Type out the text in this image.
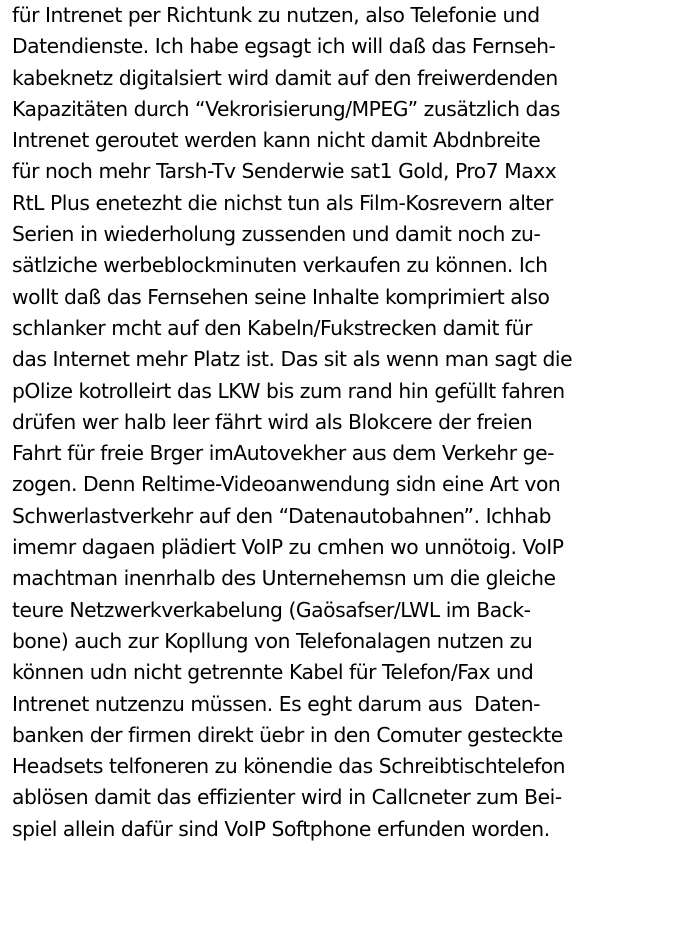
für Intrenet per Richtunk zu nutzen, also Telefonie und
Datendienste. Ich habe egsagt ich will daß das Fernseh-
kabeknetz digitalsiert wird damit auf den freiwerdenden
Kapazitäten durch “Vekrorisierung/MPEG” zusätzlich das
Intrenet geroutet werden kann nicht damit Abdnbreite
für noch mehr Tarsh-Tv Senderwie sat1 Gold, Pro7 Maxx
RtL Plus enetezht die nichst tun als Film-Kosrevern alter
Serien in wiederholung zussenden und damit noch zu-
sätlziche werbeblockminuten verkaufen zu können. Ich
wollt daß das Fernsehen seine Inhalte komprimiert also
schlanker mcht auf den Kabeln/Fukstrecken damit für
das Internet mehr Platz ist. Das sit als wenn man sagt die
pOlize kotrolleirt das LKW bis zum rand hin gefüllt fahren
drüfen wer halb leer fährt wird als Blokcere der freien
Fahrt für freie Brger imAutovekher aus dem Verkehr ge-
zogen. Denn Reltime-Videoanwendung sidn eine Art von
Schwerlastverkehr auf den “Datenautobahnen”. Ichhab
imemr dagaen plädiert VoIP zu cmhen wo unnötoig. VoIP
machtman inenrhalb des Unternehemsn um die gleiche
teure Netzwerkverkabelung (Gaösafser/LWL im Back-
bone) auch zur Kopllung von Telefonalagen nutzen zu
können udn nicht getrennte Kabel für Telefon/Fax und
Intrenet nutzenzu müssen. Es eght darum aus  Daten-
banken der firmen direkt üebr in den Comuter gesteckte
Headsets telfoneren zu könendie das Schreibtischtelefon
ablösen damit das effizienter wird in Callcneter zum Bei-
spiel allein dafür sind VoIP Softphone erfunden worden.
